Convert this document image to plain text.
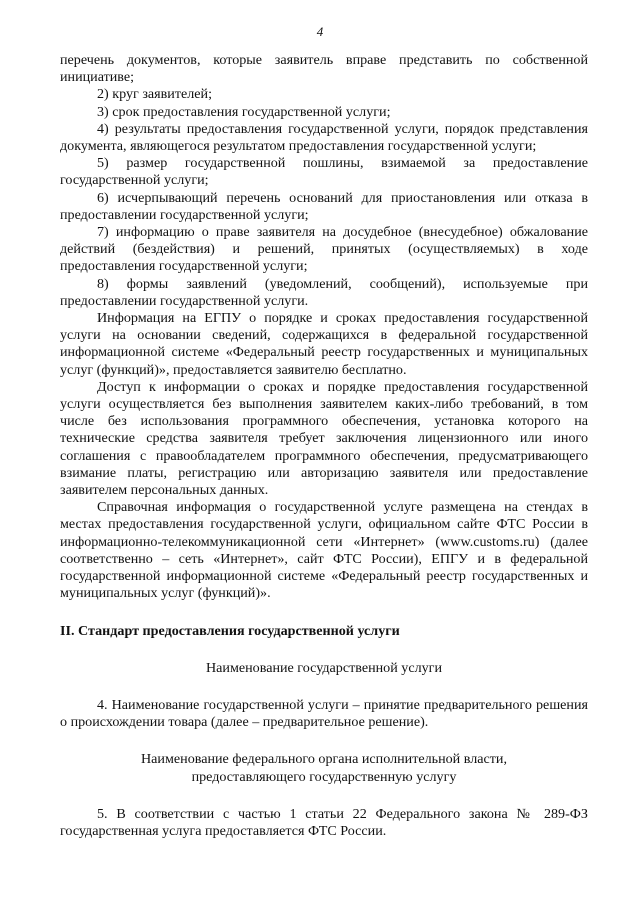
4

перечень документов, которые заявитель вправе представить по собственной инициативе;

2) круг заявителей;

3) срок предоставления государственной услуги;

4) результаты предоставления государственной услуги, порядок представления документа, являющегося результатом предоставления государственной услуги;

5) размер государственной пошлины, взимаемой за предоставление государственной услуги;

6) исчерпывающий перечень оснований для приостановления или отказа в предоставлении государственной услуги;

7) информацию о праве заявителя на досудебное (внесудебное) обжалование действий (бездействия) и решений, принятых (осуществляемых) в ходе предоставления государственной услуги;

8) формы заявлений (уведомлений, сообщений), используемые при предоставлении государственной услуги.

Информация на ЕГПУ о порядке и сроках предоставления государственной услуги на основании сведений, содержащихся в федеральной государственной информационной системе «Федеральный реестр государственных и муниципальных услуг (функций)», предоставляется заявителю бесплатно.

Доступ к информации о сроках и порядке предоставления государственной услуги осуществляется без выполнения заявителем каких-либо требований, в том числе без использования программного обеспечения, установка которого на технические средства заявителя требует заключения лицензионного или иного соглашения с правообладателем программного обеспечения, предусматривающего взимание платы, регистрацию или авторизацию заявителя или предоставление заявителем персональных данных.

Справочная информация о государственной услуге размещена на стендах в местах предоставления государственной услуги, официальном сайте ФТС России в информационно-телекоммуникационной сети «Интернет» (www.customs.ru) (далее соответственно – сеть «Интернет», сайт ФТС России), ЕПГУ и в федеральной государственной информационной системе «Федеральный реестр государственных и муниципальных услуг (функций)».

II. Стандарт предоставления государственной услуги

Наименование государственной услуги

4. Наименование государственной услуги – принятие предварительного решения о происхождении товара (далее – предварительное решение).

Наименование федерального органа исполнительной власти,

предоставляющего государственную услугу

5. В соответствии с частью 1 статьи 22 Федерального закона № 289-ФЗ государственная услуга предоставляется ФТС России.
